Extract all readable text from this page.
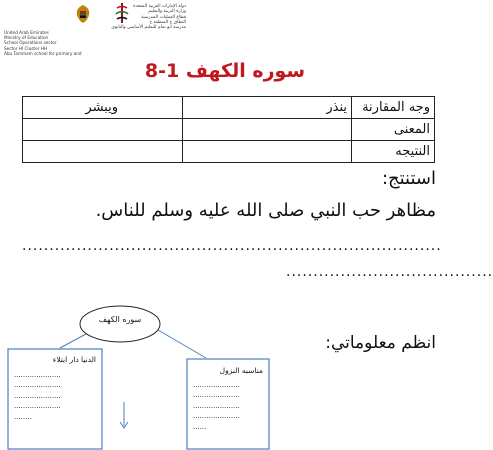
United Arab Emirates
Ministry of Education
School Operations sector
Sector HI Cluster HH
Abu Tammam school for primary and
دولة الإمارات العربية المتحدة
وزارة التربية والتعليم
قطاع العمليات المدرسية
النطاق ح المنطقة خ
مدرسة أبو تمام للتعليم الأساسي والثانوي
سوره الكهف 1-8
وجه المقارنة	ينذر	ويبشر
المعنى		
النتيجه		
استنتج:
مظاهر حب النبي صلى الله عليه وسلم للناس.
.............................................................................
......................................
انظم معلوماتي:
سوره الكهف
الدنيا دار ابتلاء
.....................
.....................
.....................
.....................
........
مناسبه النزول
.....................
.....................
.....................
.....................
......
